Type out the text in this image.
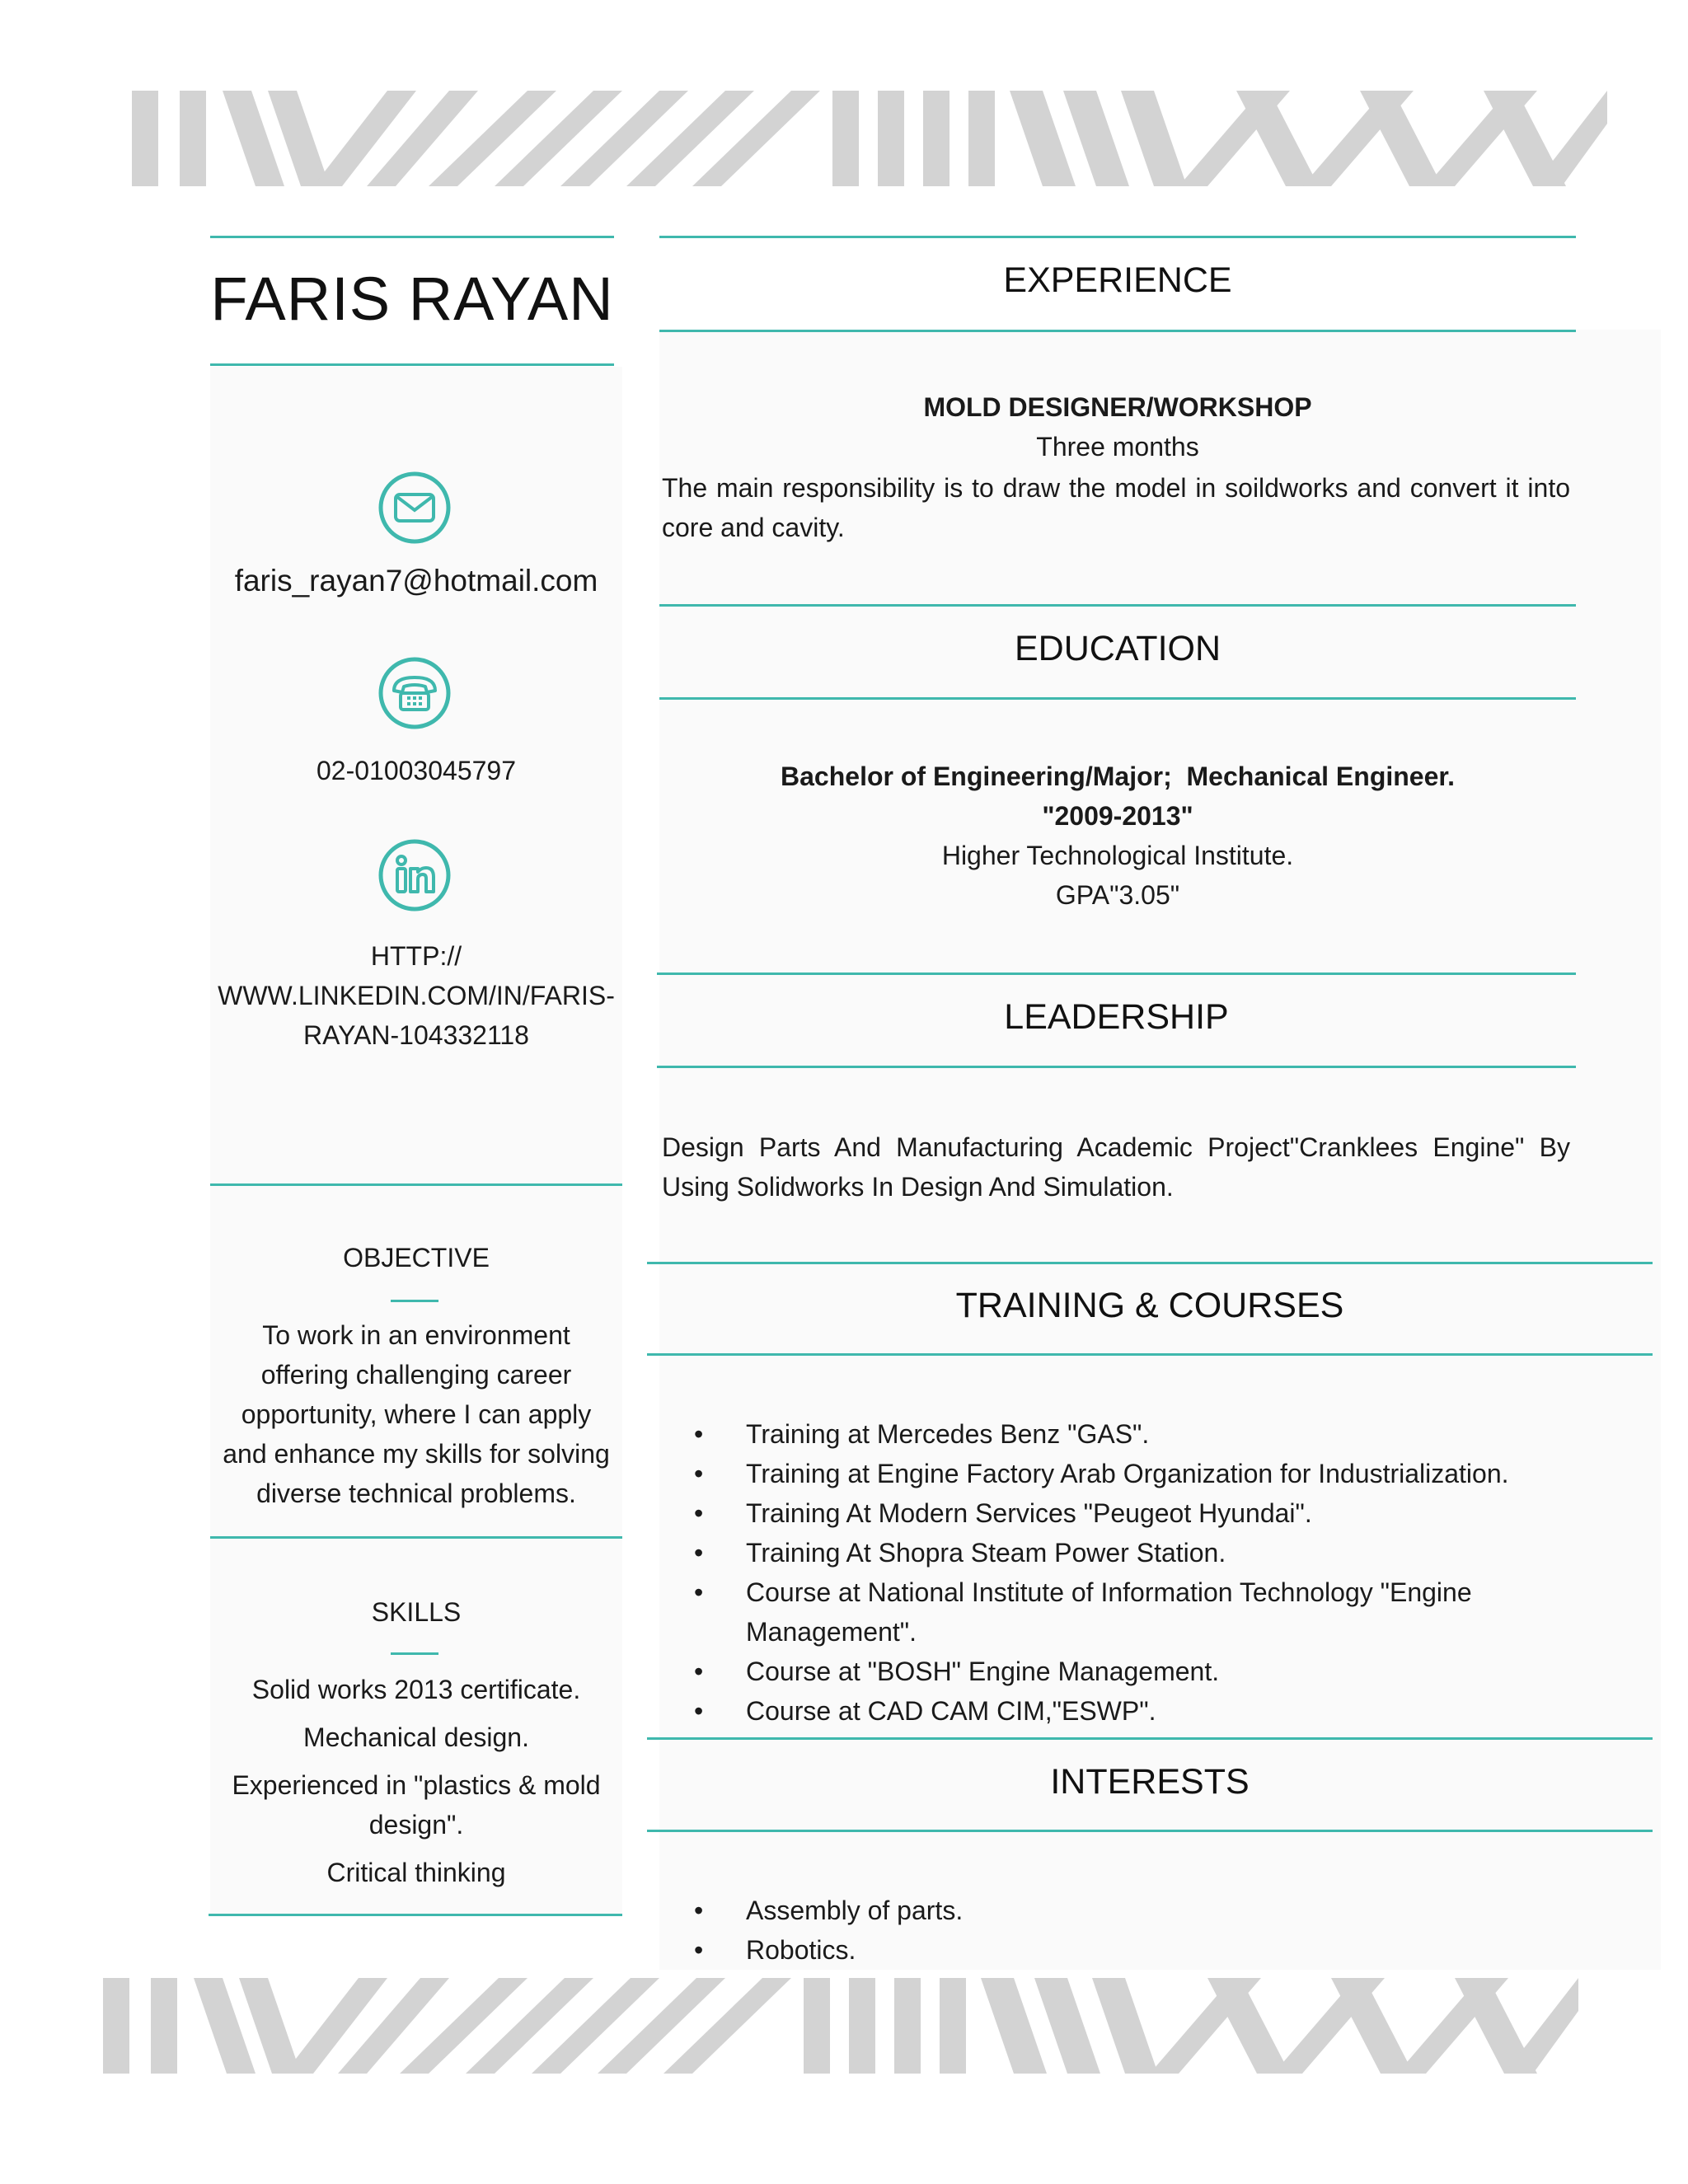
FARIS RAYAN
faris_rayan7@hotmail.com
02-01003045797
HTTP://
WWW.LINKEDIN.COM/IN/FARIS-
RAYAN-104332118
OBJECTIVE
To work in an environment
offering challenging career
opportunity, where I can apply
and enhance my skills for solving
diverse technical problems.
SKILLS
Solid works 2013 certificate.
Mechanical design.
Experienced in "plastics & mold
design".
Critical thinking
EXPERIENCE
MOLD DESIGNER/WORKSHOP
Three months
The main responsibility is to draw the model in soildworks and convert it into core and cavity.
EDUCATION
Bachelor of Engineering/Major;  Mechanical Engineer.
"2009-2013"
Higher Technological Institute.
GPA"3.05"
LEADERSHIP
Design Parts And Manufacturing Academic Project"Cranklees Engine" By Using Solidworks In Design And Simulation.
TRAINING & COURSES
• Training at Mercedes Benz "GAS".
• Training at Engine Factory Arab Organization for Industrialization.
• Training At Modern Services "Peugeot Hyundai".
• Training At Shopra Steam Power Station.
• Course at National Institute of Information Technology "Engine Management".
• Course at "BOSH" Engine Management.
• Course at CAD CAM CIM,"ESWP".
INTERESTS
• Assembly of parts.
• Robotics.
